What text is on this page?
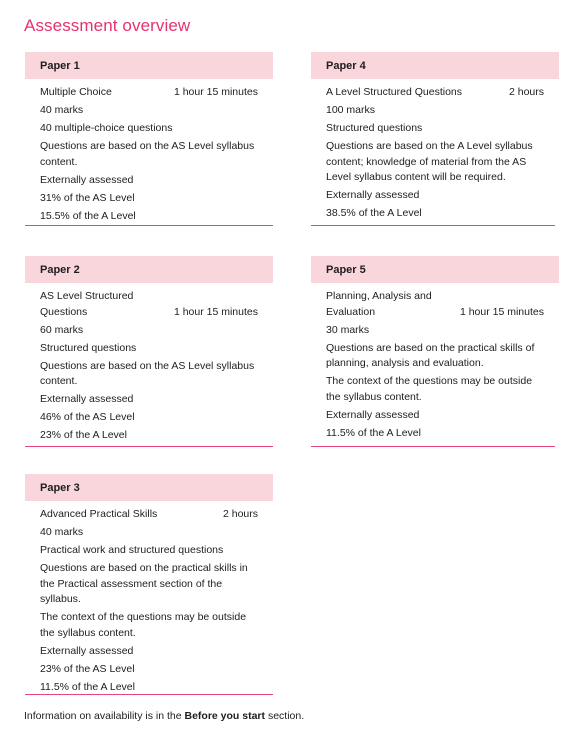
Assessment overview
Paper 1
Multiple Choice	1 hour 15 minutes
40 marks
40 multiple-choice questions
Questions are based on the AS Level syllabus content.
Externally assessed
31% of the AS Level
15.5% of the A Level
Paper 4
A Level Structured Questions	2 hours
100 marks
Structured questions
Questions are based on the A Level syllabus content; knowledge of material from the AS Level syllabus content will be required.
Externally assessed
38.5% of the A Level
Paper 2
AS Level Structured
Questions	1 hour 15 minutes
60 marks
Structured questions
Questions are based on the AS Level syllabus content.
Externally assessed
46% of the AS Level
23% of the A Level
Paper 5
Planning, Analysis and
Evaluation	1 hour 15 minutes
30 marks
Questions are based on the practical skills of planning, analysis and evaluation.
The context of the questions may be outside the syllabus content.
Externally assessed
11.5% of the A Level
Paper 3
Advanced Practical Skills	2 hours
40 marks
Practical work and structured questions
Questions are based on the practical skills in the Practical assessment section of the syllabus.
The context of the questions may be outside the syllabus content.
Externally assessed
23% of the AS Level
11.5% of the A Level
Information on availability is in the Before you start section.
